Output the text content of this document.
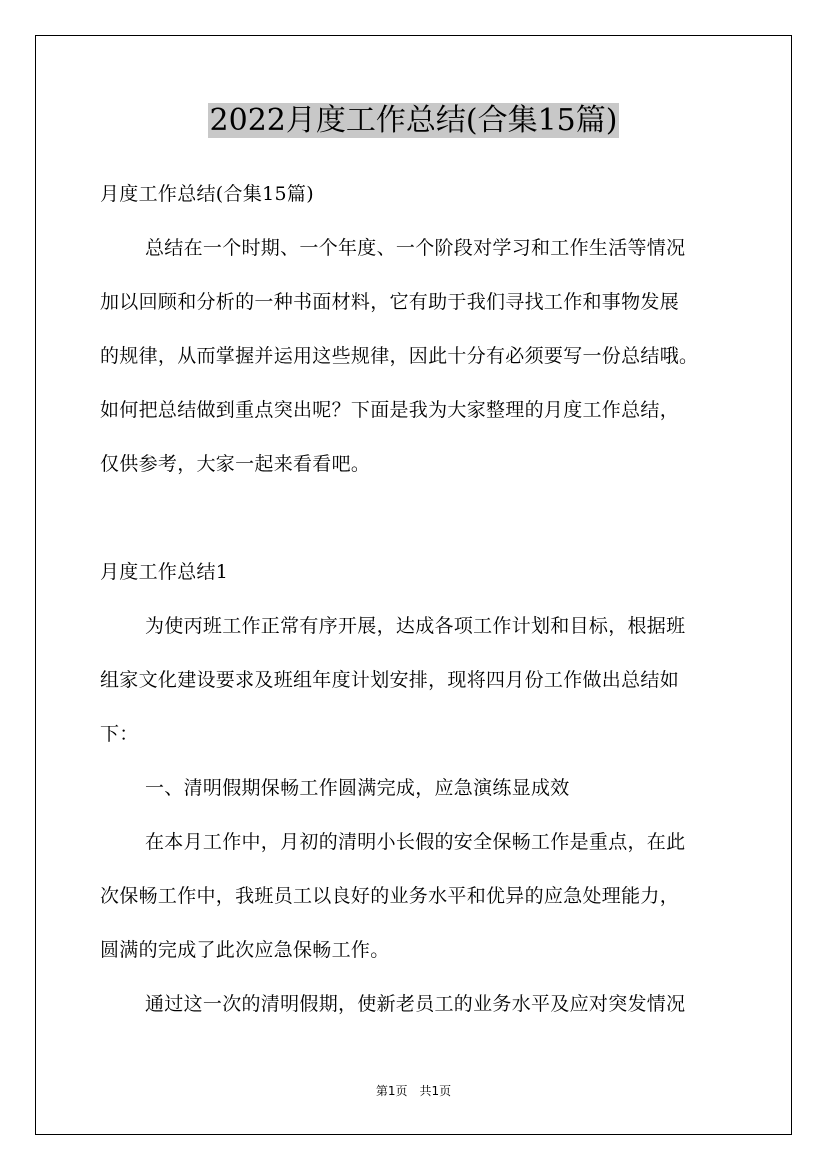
2022月度工作总结(合集15篇)
月度工作总结(合集15篇)
总结在一个时期、一个年度、一个阶段对学习和工作生活等情况
加以回顾和分析的一种书面材料，它有助于我们寻找工作和事物发展
的规律，从而掌握并运用这些规律，因此十分有必须要写一份总结哦。
如何把总结做到重点突出呢？下面是我为大家整理的月度工作总结，
仅供参考，大家一起来看看吧。
月度工作总结1
为使丙班工作正常有序开展，达成各项工作计划和目标，根据班
组家文化建设要求及班组年度计划安排，现将四月份工作做出总结如
下：
一、清明假期保畅工作圆满完成，应急演练显成效
在本月工作中，月初的清明小长假的安全保畅工作是重点，在此
次保畅工作中，我班员工以良好的业务水平和优异的应急处理能力，
圆满的完成了此次应急保畅工作。
通过这一次的清明假期，使新老员工的业务水平及应对突发情况
第1页　共1页
